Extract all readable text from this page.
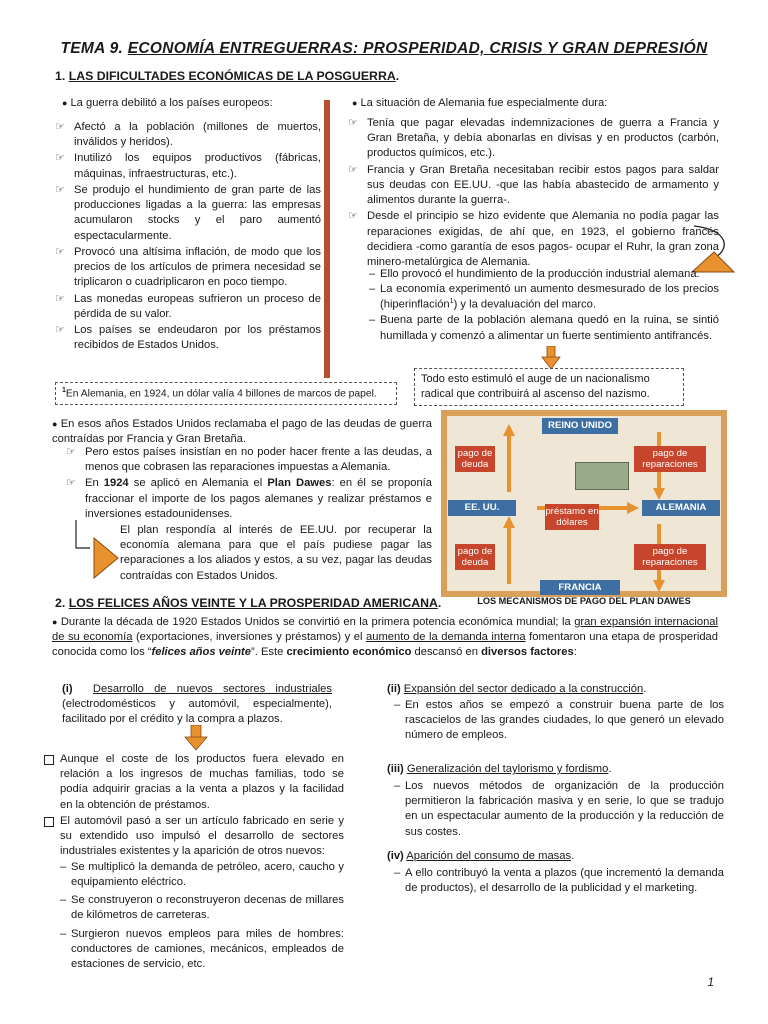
TEMA 9. ECONOMÍA ENTREGUERRAS: PROSPERIDAD, CRISIS Y GRAN DEPRESIÓN
1. LAS DIFICULTADES ECONÓMICAS DE LA POSGUERRA.
● La guerra debilitó a los países europeos:
☞ Afectó a la población (millones de muertos, inválidos y heridos).
☞ Inutilizó los equipos productivos (fábricas, máquinas, infraestructuras, etc.).
☞ Se produjo el hundimiento de gran parte de las producciones ligadas a la guerra: las empresas acumularon stocks y el paro aumentó espectacularmente.
☞ Provocó una altísima inflación, de modo que los precios de los artículos de primera necesidad se triplicaron o cuadriplicaron en poco tiempo.
☞ Las monedas europeas sufrieron un proceso de pérdida de su valor.
☞ Los países se endeudaron por los préstamos recibidos de Estados Unidos.
● La situación de Alemania fue especialmente dura:
☞ Tenía que pagar elevadas indemnizaciones de guerra a Francia y Gran Bretaña, y debía abonarlas en divisas y en productos (carbón, productos químicos, etc.).
☞ Francia y Gran Bretaña necesitaban recibir estos pagos para saldar sus deudas con EE.UU. -que las había abastecido de armamento y alimentos durante la guerra-.
☞ Desde el principio se hizo evidente que Alemania no podía pagar las reparaciones exigidas, de ahí que, en 1923, el gobierno francés decidiera -como garantía de esos pagos- ocupar el Ruhr, la gran zona minero-metalúrgica de Alemania.
– Ello provocó el hundimiento de la producción industrial alemana.
– La economía experimentó un aumento desmesurado de los precios (hiperinflación$^1$) y la devaluación del marco.
– Buena parte de la población alemana quedó en la ruina, se sintió humillada y comenzó a alimentar un fuerte sentimiento antifrancés.
$^1$En Alemania, en 1924, un dólar valía 4 billones de marcos de papel.
Todo esto estimuló el auge de un nacionalismo radical que contribuirá al ascenso del nazismo.
● En esos años Estados Unidos reclamaba el pago de las deudas de guerra contraídas por Francia y Gran Bretaña.
☞ Pero estos países insistían en no poder hacer frente a las deudas, a menos que cobrasen las reparaciones impuestas a Alemania.
☞ En 1924 se aplicó en Alemania el Plan Dawes: en él se proponía fraccionar el importe de los pagos alemanes y realizar préstamos e inversiones estadounidenses.
El plan respondía al interés de EE.UU. por recuperar la economía alemana para que el país pudiese pagar las reparaciones a los aliados y estos, a su vez, pagar las deudas contraídas con Estados Unidos.
REINO UNIDO
pago de deuda
pago de reparaciones
EE. UU.	ALEMANIA
préstamo en dólares
pago de deuda
pago de reparaciones
FRANCIA
LOS MECANISMOS DE PAGO DEL PLAN DAWES
2. LOS FELICES AÑOS VEINTE Y LA PROSPERIDAD AMERICANA.
● Durante la década de 1920 Estados Unidos se convirtió en la primera potencia económica mundial; la gran expansión internacional de su economía (exportaciones, inversiones y préstamos) y el aumento de la demanda interna fomentaron una etapa de prosperidad conocida como los “felices años veinte”. Este crecimiento económico descansó en diversos factores:
(i) Desarrollo de nuevos sectores industriales (electrodomésticos y automóvil, especialmente), facilitado por el crédito y la compra a plazos.
Aunque el coste de los productos fuera elevado en relación a los ingresos de muchas familias, todo se podía adquirir gracias a la venta a plazos y la facilidad en la obtención de préstamos.
El automóvil pasó a ser un artículo fabricado en serie y su extendido uso impulsó el desarrollo de sectores industriales existentes y la aparición de otros nuevos:
– Se multiplicó la demanda de petróleo, acero, caucho y equipamiento eléctrico.
– Se construyeron o reconstruyeron decenas de millares de kilómetros de carreteras.
– Surgieron nuevos empleos para miles de hombres: conductores de camiones, mecánicos, empleados de estaciones de servicio, etc.
(ii) Expansión del sector dedicado a la construcción.
– En estos años se empezó a construir buena parte de los rascacielos de las grandes ciudades, lo que generó un elevado número de empleos.
(iii) Generalización del taylorismo y fordismo.
– Los nuevos métodos de organización de la producción permitieron la fabricación masiva y en serie, lo que se tradujo en un espectacular aumento de la producción y la reducción de sus costes.
(iv) Aparición del consumo de masas.
– A ello contribuyó la venta a plazos (que incrementó la demanda de productos), el desarrollo de la publicidad y el marketing.
1
